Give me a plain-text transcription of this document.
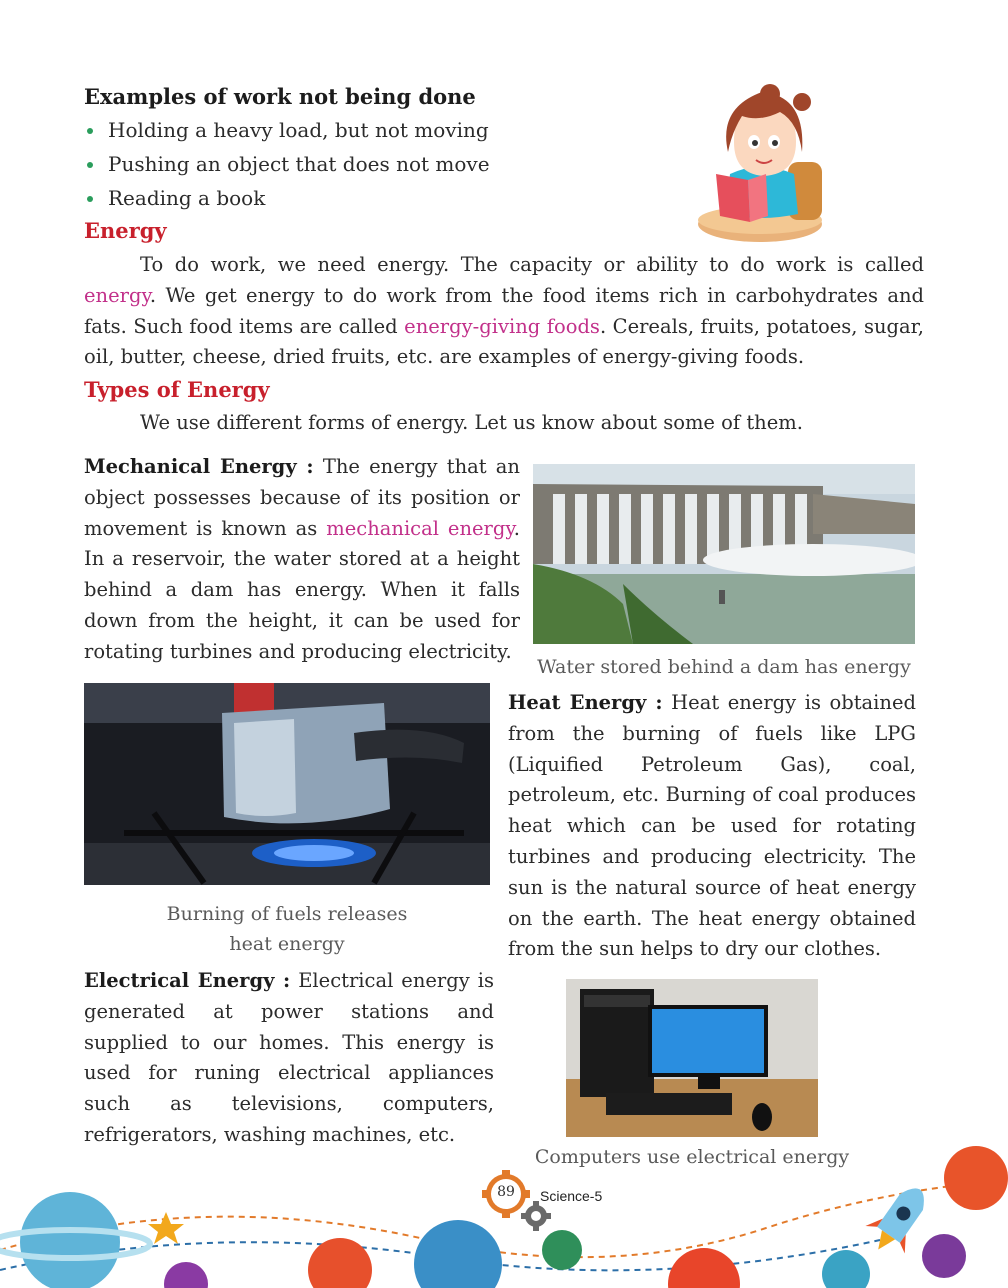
Examples of work not being done
Holding a heavy load, but not moving
Pushing an object that does not move
Reading a book
Energy

To do work, we need energy. The capacity or ability to do work is called energy. We get energy to do work from the food items rich in carbohydrates and fats. Such food items are called energy-giving foods. Cereals, fruits, potatoes, sugar, oil, butter, cheese, dried fruits, etc. are examples of energy-giving foods.

Types of Energy

We use different forms of energy. Let us know about some of them.

Mechanical Energy : The energy that an object possesses because of its position or movement is known as mechanical energy. In a reservoir, the water stored at a height behind a dam has energy. When it falls down from the height, it can be used for rotating turbines and producing electricity.

Water stored behind a dam has energy
Burning of fuels releases
heat energy

Heat Energy : Heat energy is obtained from the burning of fuels like LPG (Liquified Petroleum Gas), coal, petroleum, etc. Burning of coal produces heat which can be used for rotating turbines and producing electricity. The sun is the natural source of heat energy on the earth. The heat energy obtained from the sun helps to dry our clothes.

Electrical Energy : Electrical energy is generated at power stations and supplied to our homes. This energy is used for runing electrical appliances such as televisions, computers, refrigerators, washing machines, etc.

Computers use electrical energy
89	Science-5
